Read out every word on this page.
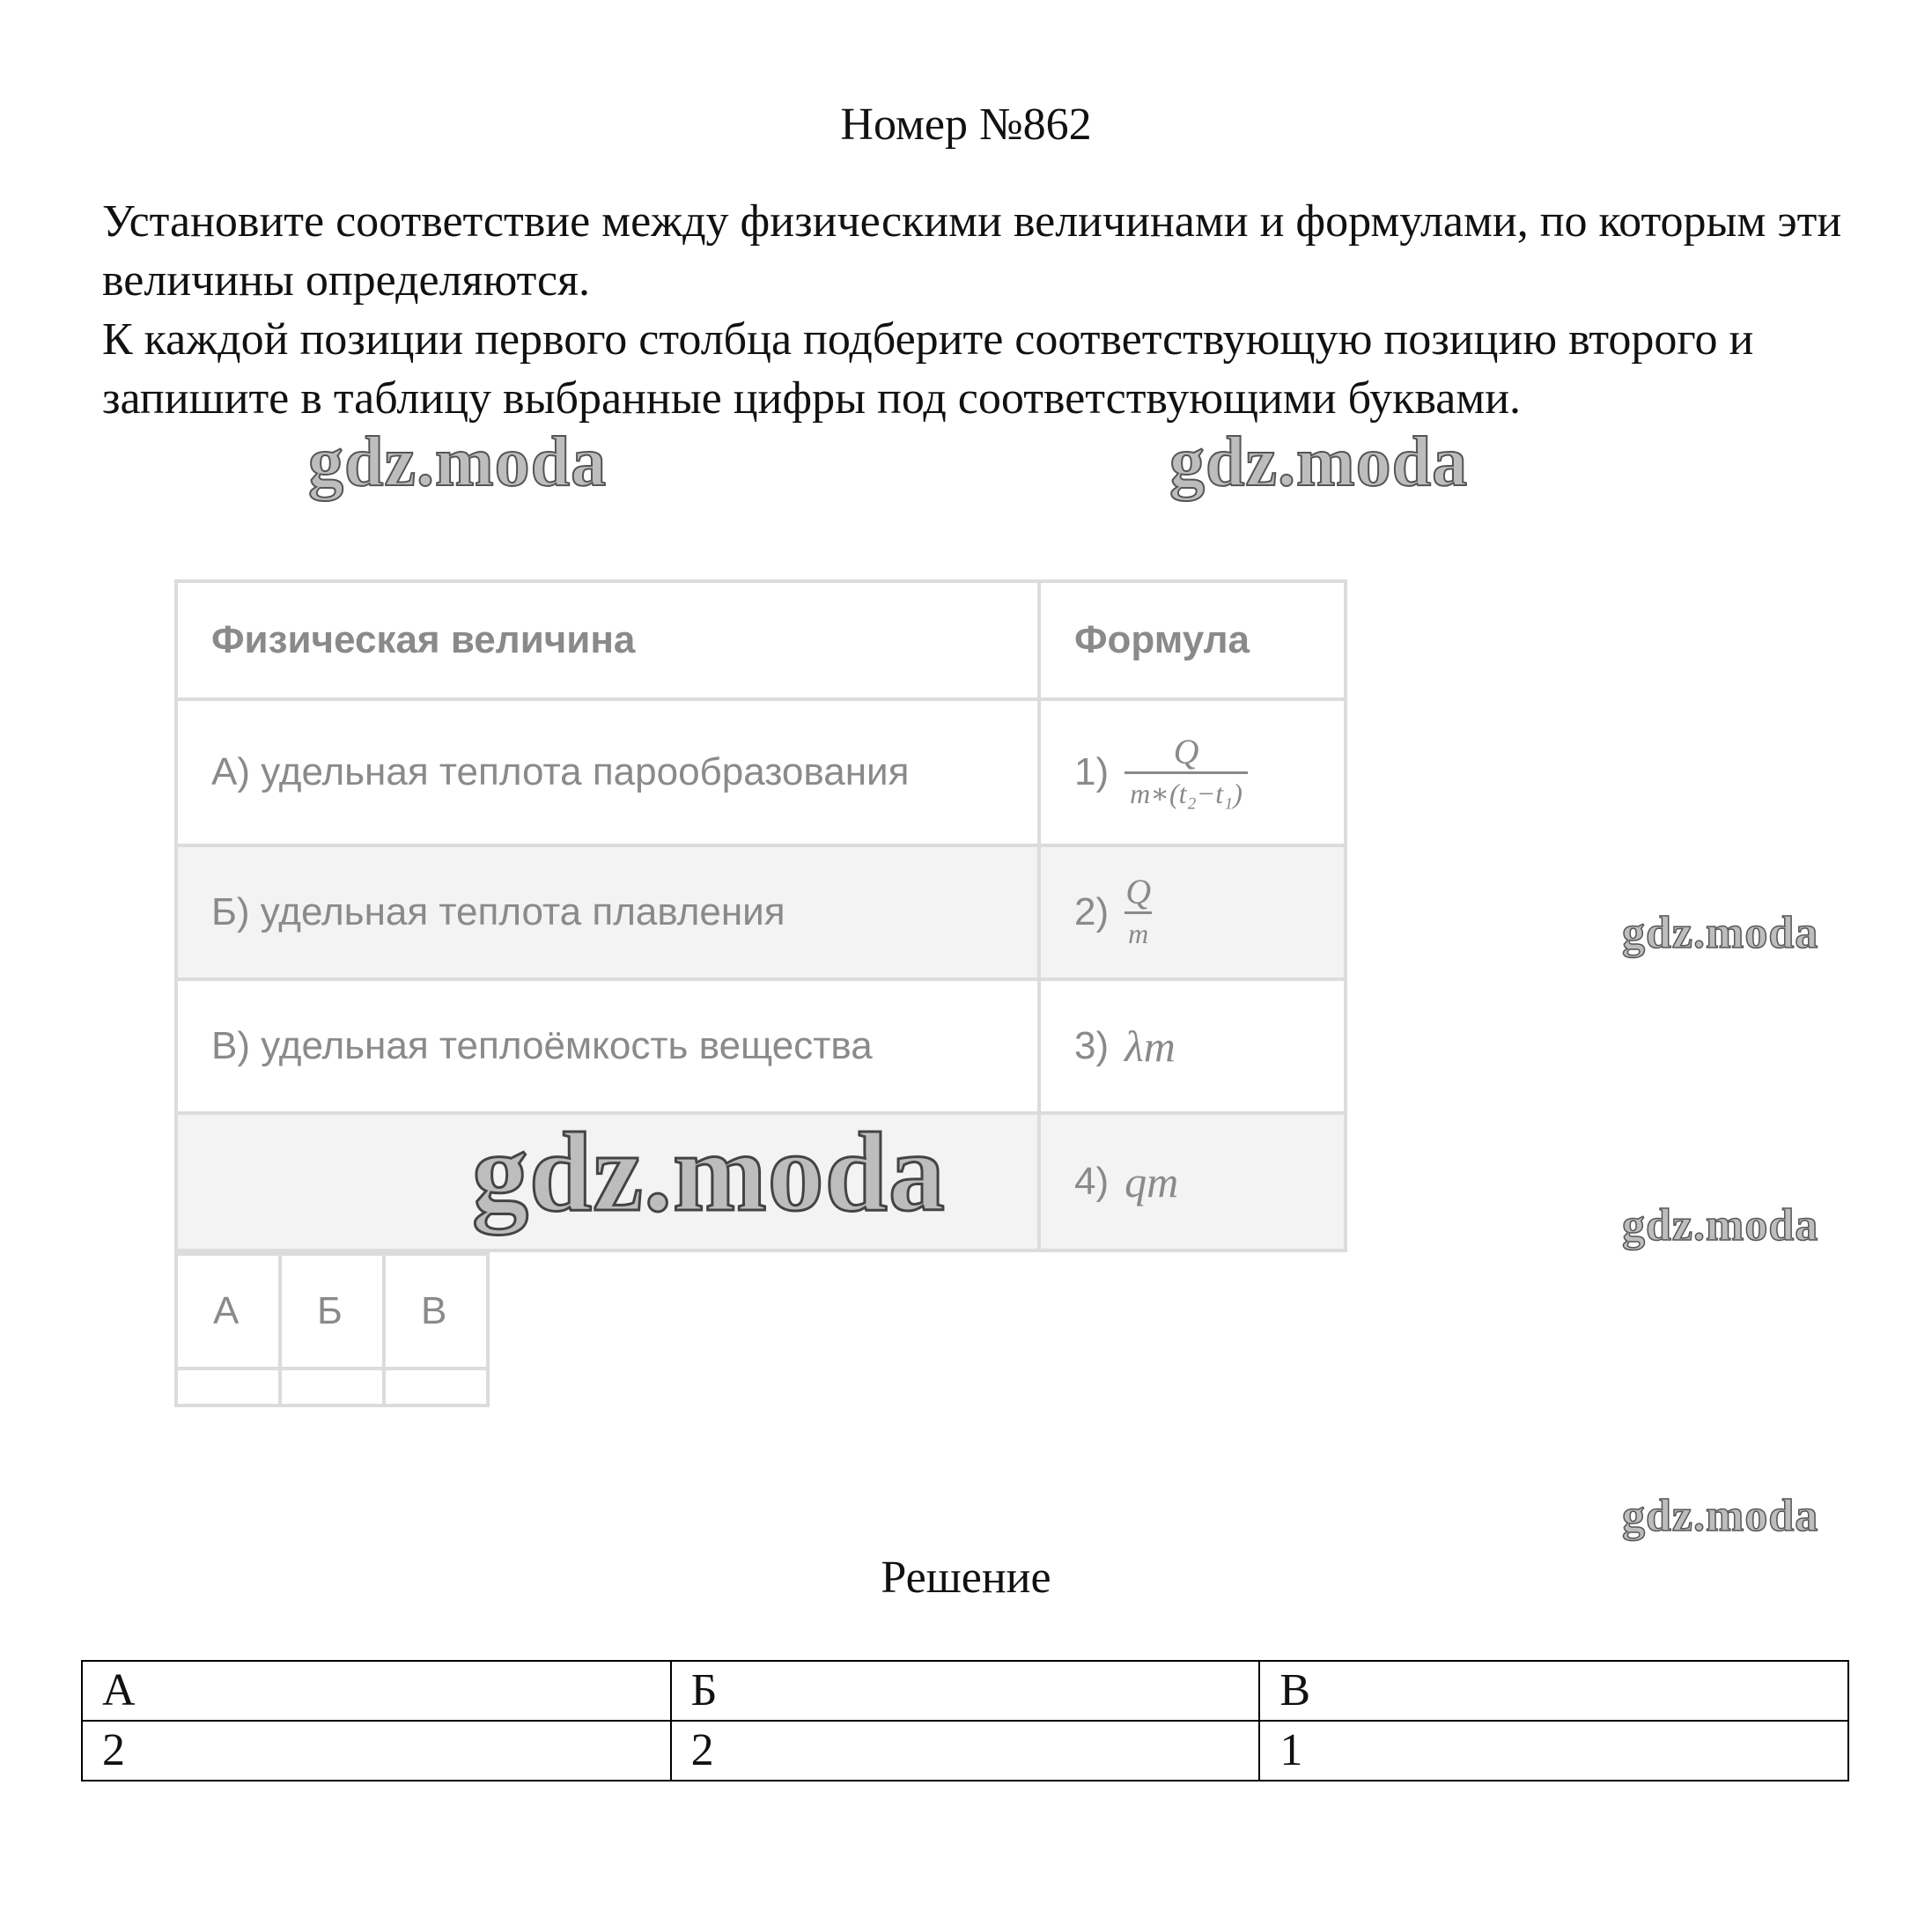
Номер №862

Установите соответствие между физическими величинами и формулами, по которым эти величины определяются.

К каждой позиции первого столбца подберите соответствующую позицию второго и запишите в таблицу выбранные цифры под соответствующими буквами.

gdz.moda	gdz.moda
Физическая величина	Формула
А) удельная теплота парообразования	$1) \frac{Q}{\text{m∗(t₂−t₁)}}$

Б) удельная теплота плавления	$2) \frac{Q}{m}$

В) удельная теплоёмкость вещества	3) λm

	4) qm
gdz.moda
А	Б	В

gdz.moda
gdz.moda
gdz.moda
Решение
А	Б	В
2	2	1
